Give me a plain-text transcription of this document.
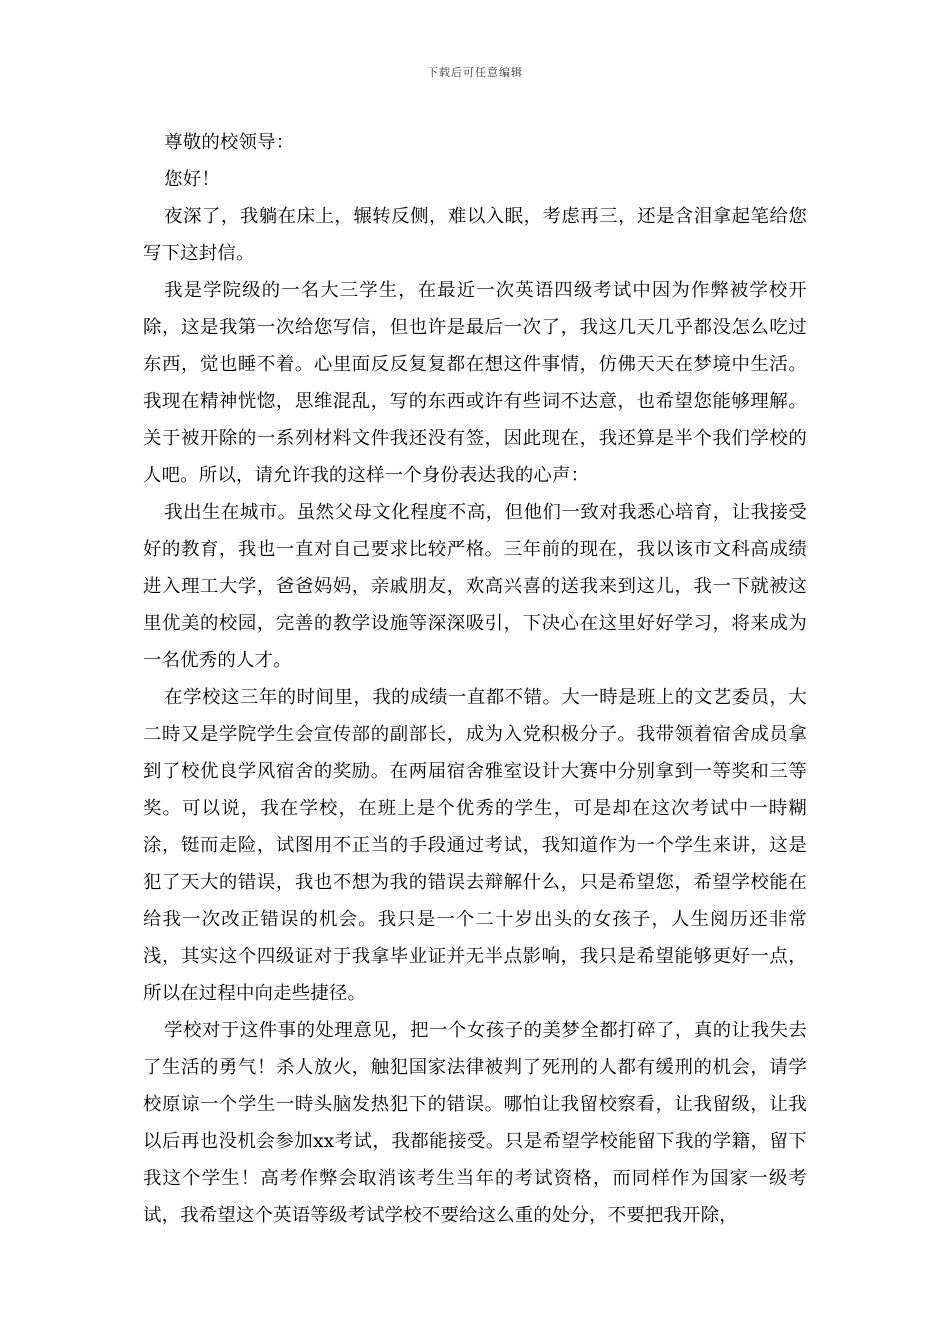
下载后可任意编辑

尊敬的校领导：

您好！

夜深了，我躺在床上，辗转反侧，难以入眠，考虑再三，还是含泪拿起笔给您写下这封信。

我是学院级的一名大三学生，在最近一次英语四级考试中因为作弊被学校开除，这是我第一次给您写信，但也许是最后一次了，我这几天几乎都没怎么吃过东西，觉也睡不着。心里面反反复复都在想这件事情，仿佛天天在梦境中生活。我现在精神恍惚，思维混乱，写的东西或许有些词不达意，也希望您能够理解。关于被开除的一系列材料文件我还没有签，因此现在，我还算是半个我们学校的人吧。所以，请允许我的这样一个身份表达我的心声：

我出生在城市。虽然父母文化程度不高，但他们一致对我悉心培育，让我接受好的教育，我也一直对自己要求比较严格。三年前的现在，我以该市文科高成绩进入理工大学，爸爸妈妈，亲戚朋友，欢高兴喜的送我来到这儿，我一下就被这里优美的校园，完善的教学设施等深深吸引，下决心在这里好好学习，将来成为一名优秀的人才。

在学校这三年的时间里，我的成绩一直都不错。大一時是班上的文艺委员，大二時又是学院学生会宣传部的副部长，成为入党积极分子。我带领着宿舍成员拿到了校优良学风宿舍的奖励。在两届宿舍雅室设计大赛中分别拿到一等奖和三等奖。可以说，我在学校，在班上是个优秀的学生，可是却在这次考试中一時糊涂，铤而走险，试图用不正当的手段通过考试，我知道作为一个学生来讲，这是犯了天大的错误，我也不想为我的错误去辩解什么，只是希望您，希望学校能在给我一次改正错误的机会。我只是一个二十岁出头的女孩子，人生阅历还非常浅，其实这个四级证对于我拿毕业证并无半点影响，我只是希望能够更好一点，所以在过程中向走些捷径。

学校对于这件事的处理意见，把一个女孩子的美梦全都打碎了，真的让我失去了生活的勇气！杀人放火，触犯国家法律被判了死刑的人都有缓刑的机会，请学校原谅一个学生一時头脑发热犯下的错误。哪怕让我留校察看，让我留级，让我以后再也没机会参加xx考试，我都能接受。只是希望学校能留下我的学籍，留下我这个学生！高考作弊会取消该考生当年的考试资格，而同样作为国家一级考试，我希望这个英语等级考试学校不要给这么重的处分，不要把我开除，
